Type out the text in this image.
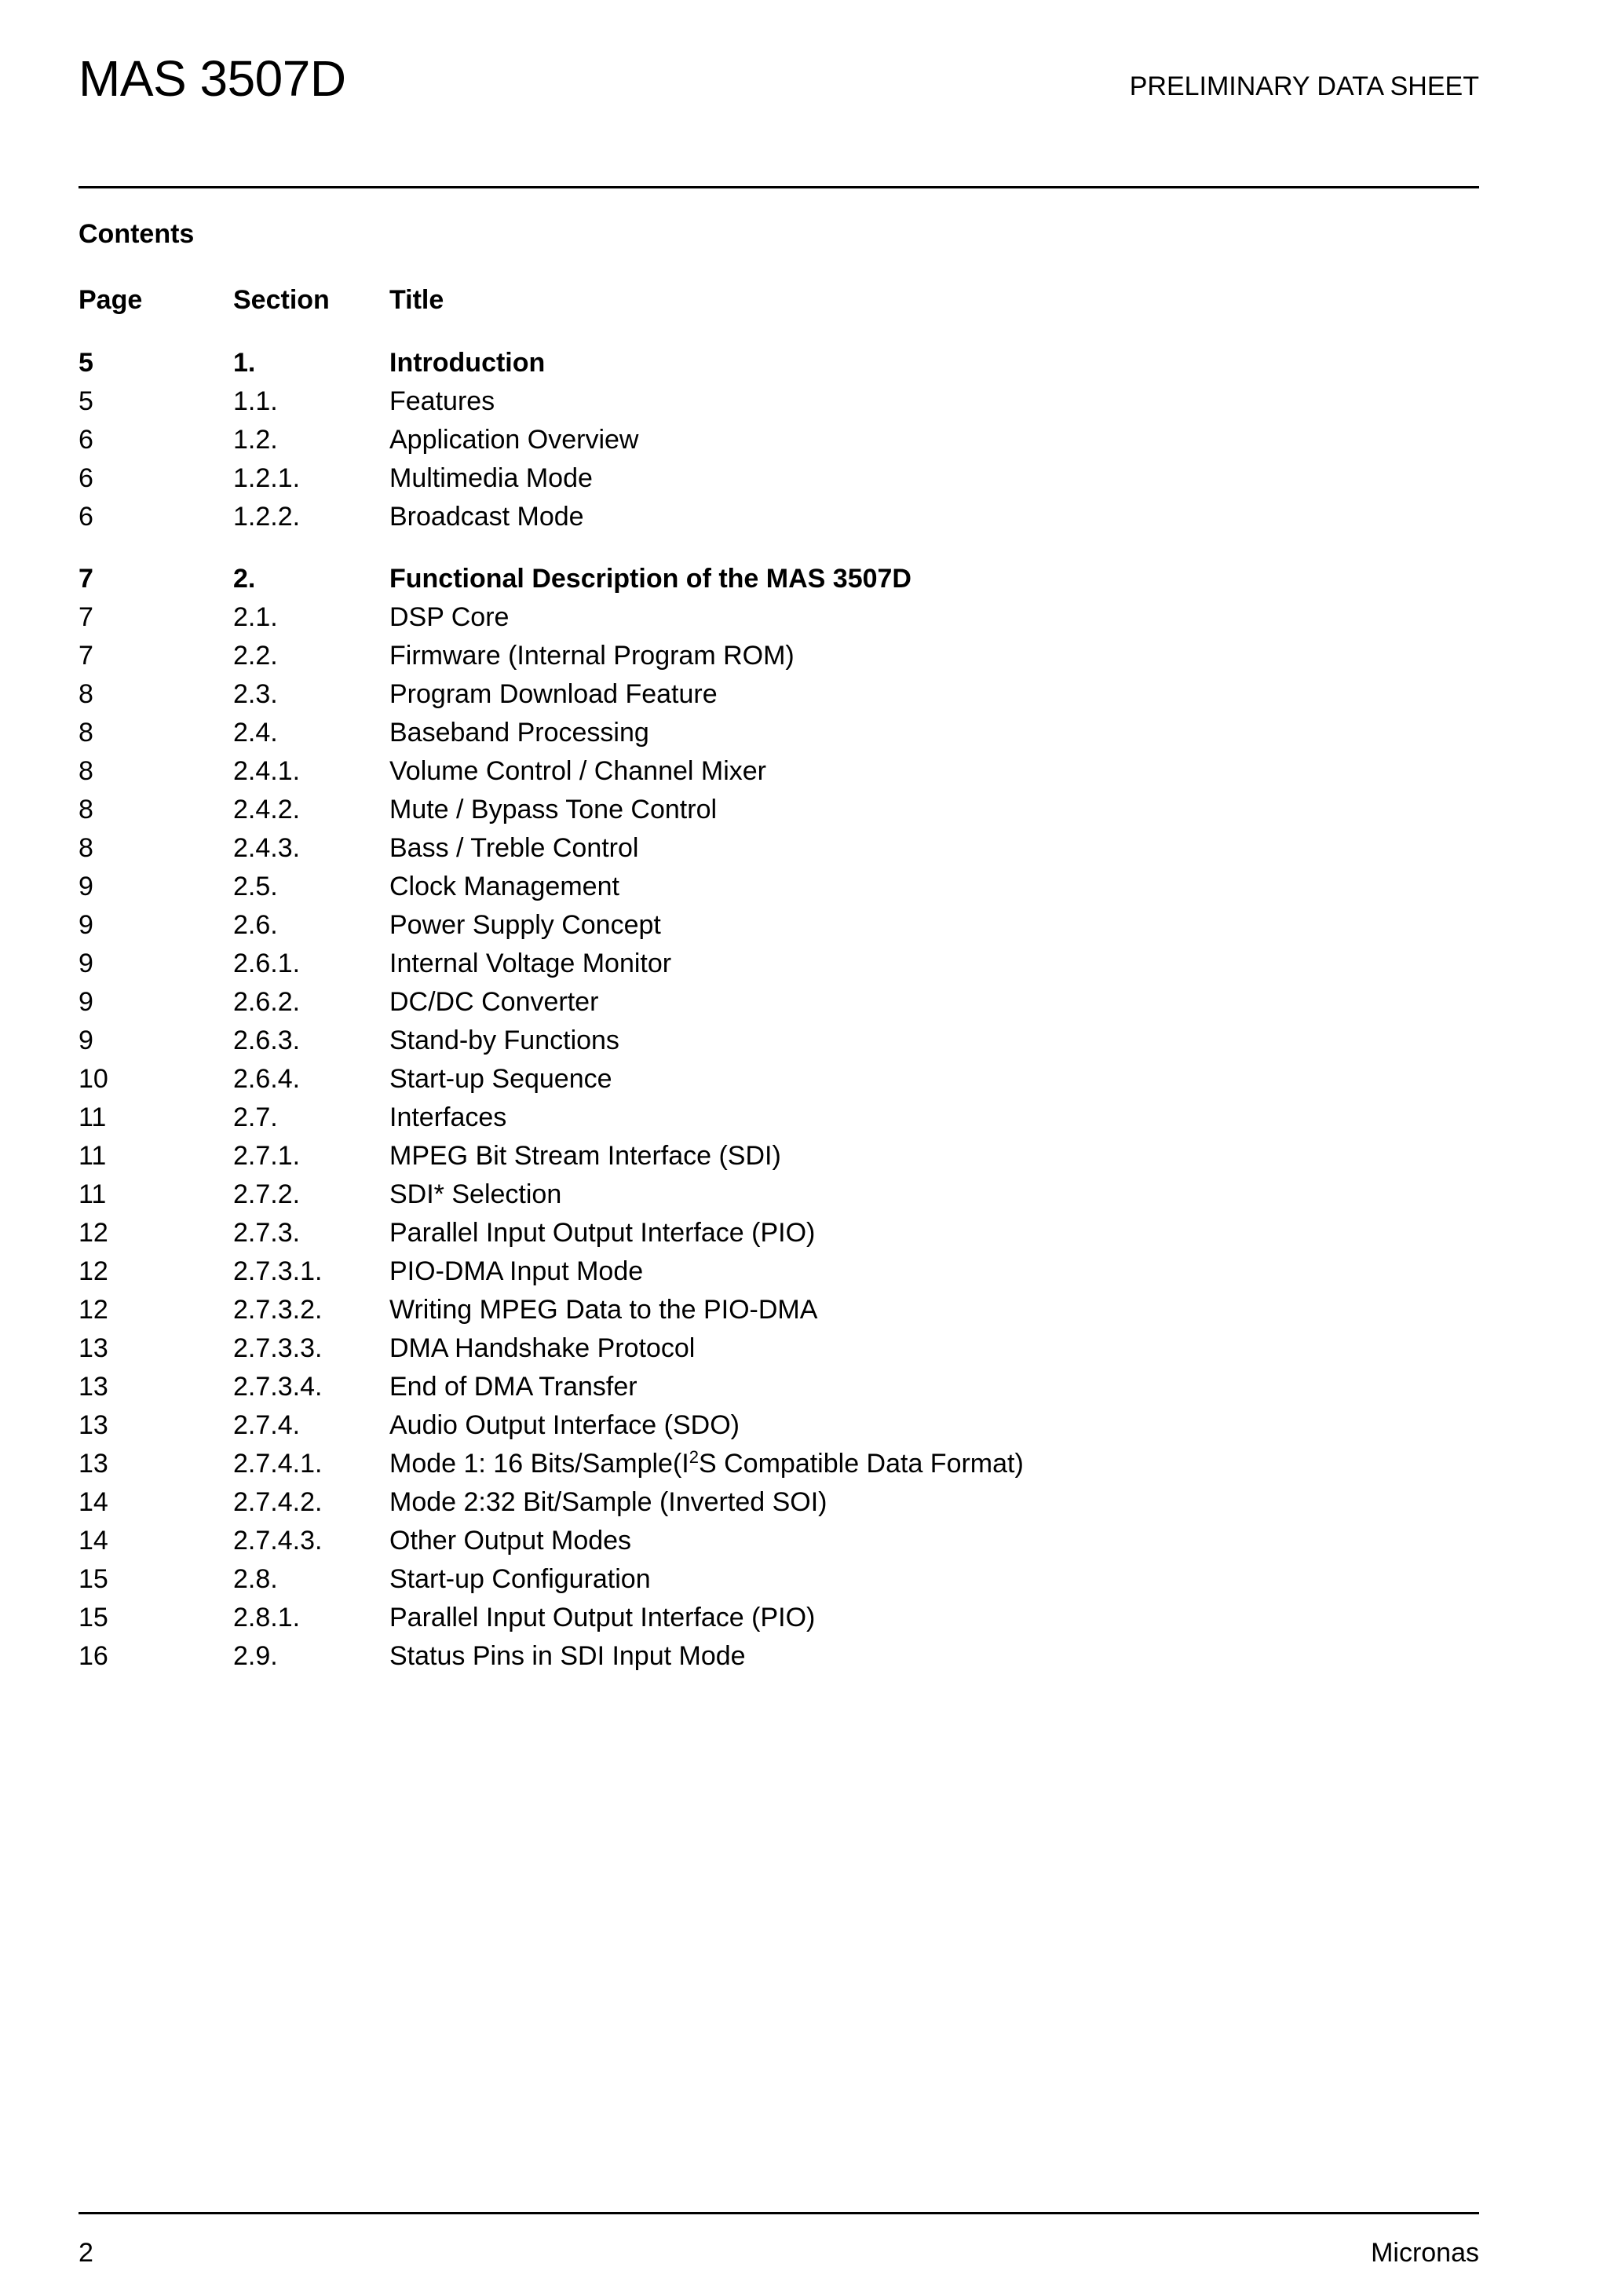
MAS 3507D	PRELIMINARY DATA SHEET
Contents
Page	Section Title
5	1.	Introduction
5	1.1.	Features
6	1.2.	Application Overview
6	1.2.1.	Multimedia Mode
6	1.2.2.	Broadcast Mode
7	2.	Functional Description of the MAS 3507D
7	2.1.	DSP Core
7	2.2.	Firmware (Internal Program ROM)
8	2.3.	Program Download Feature
8	2.4.	Baseband Processing
8	2.4.1.	Volume Control / Channel Mixer
8	2.4.2.	Mute / Bypass Tone Control
8	2.4.3.	Bass / Treble Control
9	2.5.	Clock Management
9	2.6.	Power Supply Concept
9	2.6.1.	Internal Voltage Monitor
9	2.6.2.	DC/DC Converter
9	2.6.3.	Stand-by Functions
10	2.6.4.	Start-up Sequence
11	2.7.	Interfaces
11	2.7.1.	MPEG Bit Stream Interface (SDI)
11	2.7.2.	SDI* Selection
12	2.7.3.	Parallel Input Output Interface (PIO)
12	2.7.3.1.	PIO-DMA Input Mode
12	2.7.3.2.	Writing MPEG Data to the PIO-DMA
13	2.7.3.3.	DMA Handshake Protocol
13	2.7.3.4.	End of DMA Transfer
13	2.7.4.	Audio Output Interface (SDO)
13	2.7.4.1.	Mode 1: 16 Bits/$Sample(I^2S$ Compatible Data Format)
14	2.7.4.2.	Mode 2:32 Bit/Sample (Inverted SOI)
14	2.7.4.3.	Other Output Modes
15	2.8.	Start-up Configuration
15	2.8.1.	Parallel Input Output Interface (PIO)
16	2.9.	Status Pins in SDI Input Mode
2	Micronas
